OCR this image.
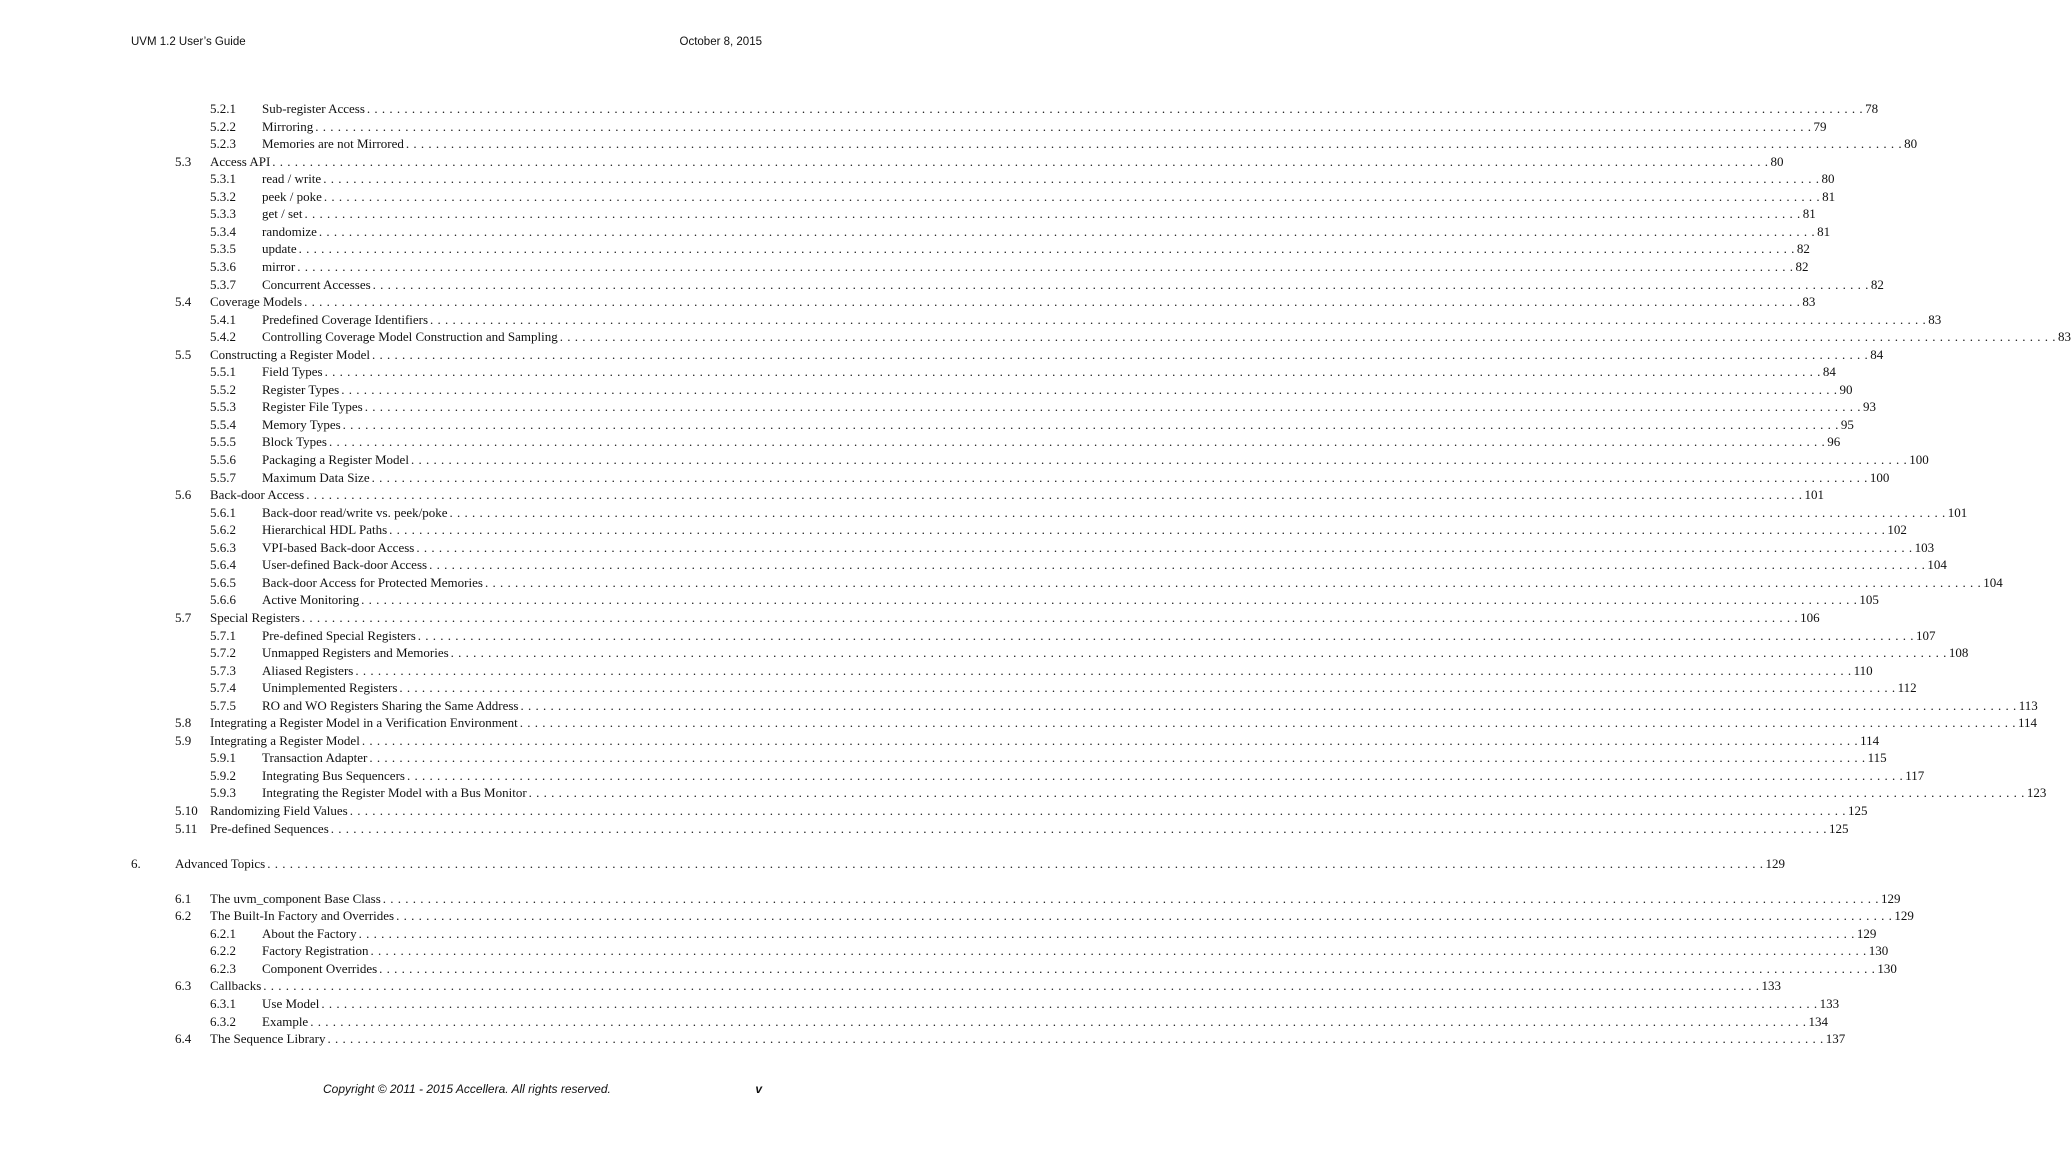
UVM 1.2 User’s Guide	October 8, 2015
5.2.1 Sub-register Access . . . . . . . . . . . . . . . . . . . . . . . . . . . . . . . . . . . . . . . . . . . . . . . . . . . . . . . . . . . . . . . . . . . . . . . . . . . . . . . . . . . . . . . . . . . . . . . . . . . . . . . . . . . . . . . . . . . . . . . . . . . . . . . . . . . . . . . . . . . . . . . . . . . . . . . . . . . . . . . . . . . . . . . . . . . . . . . . . . . . . . . . . . . . . . . . . . . . . . . . 78
5.2.2 Mirroring . . . . . . . . . . . . . . . . . . . . . . . . . . . . . . . . . . . . . . . . . . . . . . . . . . . . . . . . . . . . . . . . . . . . . . . . . . . . . . . . . . . . . . . . . . . . . . . . . . . . . . . . . . . . . . . . . . . . . . . . . . . . . . . . . . . . . . . . . . . . . . . . . . . . . . . . . . . . . . . . . . . . . . . . . . . . . . . . . . . . . . . . . . . . . . . . . . . . . . . . 79
5.2.3 Memories are not Mirrored . . . . . . . . . . . . . . . . . . . . . . . . . . . . . . . . . . . . . . . . . . . . . . . . . . . . . . . . . . . . . . . . . . . . . . . . . . . . . . . . . . . . . . . . . . . . . . . . . . . . . . . . . . . . . . . . . . . . . . . . . . . . . . . . . . . . . . . . . . . . . . . . . . . . . . . . . . . . . . . . . . . . . . . . . . . . . . . . . . . . . . . . . . . . . . . . . . . . . . . . 80
5.3 Access API . . . . . . . . . . . . . . . . . . . . . . . . . . . . . . . . . . . . . . . . . . . . . . . . . . . . . . . . . . . . . . . . . . . . . . . . . . . . . . . . . . . . . . . . . . . . . . . . . . . . . . . . . . . . . . . . . . . . . . . . . . . . . . . . . . . . . . . . . . . . . . . . . . . . . . . . . . . . . . . . . . . . . . . . . . . . . . . . . . . . . . . . . . . . . . . . . . . . . . . . 80
5.3.1 read / write . . . . . . . . . . . . . . . . . . . . . . . . . . . . . . . . . . . . . . . . . . . . . . . . . . . . . . . . . . . . . . . . . . . . . . . . . . . . . . . . . . . . . . . . . . . . . . . . . . . . . . . . . . . . . . . . . . . . . . . . . . . . . . . . . . . . . . . . . . . . . . . . . . . . . . . . . . . . . . . . . . . . . . . . . . . . . . . . . . . . . . . . . . . . . . . . . . . . . . . . 80
5.3.2 peek / poke . . . . . . . . . . . . . . . . . . . . . . . . . . . . . . . . . . . . . . . . . . . . . . . . . . . . . . . . . . . . . . . . . . . . . . . . . . . . . . . . . . . . . . . . . . . . . . . . . . . . . . . . . . . . . . . . . . . . . . . . . . . . . . . . . . . . . . . . . . . . . . . . . . . . . . . . . . . . . . . . . . . . . . . . . . . . . . . . . . . . . . . . . . . . . . . . . . . . . . . . 81
5.3.3 get / set . . . . . . . . . . . . . . . . . . . . . . . . . . . . . . . . . . . . . . . . . . . . . . . . . . . . . . . . . . . . . . . . . . . . . . . . . . . . . . . . . . . . . . . . . . . . . . . . . . . . . . . . . . . . . . . . . . . . . . . . . . . . . . . . . . . . . . . . . . . . . . . . . . . . . . . . . . . . . . . . . . . . . . . . . . . . . . . . . . . . . . . . . . . . . . . . . . . . . . . . 81
5.3.4 randomize . . . . . . . . . . . . . . . . . . . . . . . . . . . . . . . . . . . . . . . . . . . . . . . . . . . . . . . . . . . . . . . . . . . . . . . . . . . . . . . . . . . . . . . . . . . . . . . . . . . . . . . . . . . . . . . . . . . . . . . . . . . . . . . . . . . . . . . . . . . . . . . . . . . . . . . . . . . . . . . . . . . . . . . . . . . . . . . . . . . . . . . . . . . . . . . . . . . . . . . . 81
5.3.5 update . . . . . . . . . . . . . . . . . . . . . . . . . . . . . . . . . . . . . . . . . . . . . . . . . . . . . . . . . . . . . . . . . . . . . . . . . . . . . . . . . . . . . . . . . . . . . . . . . . . . . . . . . . . . . . . . . . . . . . . . . . . . . . . . . . . . . . . . . . . . . . . . . . . . . . . . . . . . . . . . . . . . . . . . . . . . . . . . . . . . . . . . . . . . . . . . . . . . . . . . 82
5.3.6 mirror . . . . . . . . . . . . . . . . . . . . . . . . . . . . . . . . . . . . . . . . . . . . . . . . . . . . . . . . . . . . . . . . . . . . . . . . . . . . . . . . . . . . . . . . . . . . . . . . . . . . . . . . . . . . . . . . . . . . . . . . . . . . . . . . . . . . . . . . . . . . . . . . . . . . . . . . . . . . . . . . . . . . . . . . . . . . . . . . . . . . . . . . . . . . . . . . . . . . . . . . 82
5.3.7 Concurrent Accesses . . . . . . . . . . . . . . . . . . . . . . . . . . . . . . . . . . . . . . . . . . . . . . . . . . . . . . . . . . . . . . . . . . . . . . . . . . . . . . . . . . . . . . . . . . . . . . . . . . . . . . . . . . . . . . . . . . . . . . . . . . . . . . . . . . . . . . . . . . . . . . . . . . . . . . . . . . . . . . . . . . . . . . . . . . . . . . . . . . . . . . . . . . . . . . . . . . . . . . . . 82
5.4 Coverage Models . . . . . . . . . . . . . . . . . . . . . . . . . . . . . . . . . . . . . . . . . . . . . . . . . . . . . . . . . . . . . . . . . . . . . . . . . . . . . . . . . . . . . . . . . . . . . . . . . . . . . . . . . . . . . . . . . . . . . . . . . . . . . . . . . . . . . . . . . . . . . . . . . . . . . . . . . . . . . . . . . . . . . . . . . . . . . . . . . . . . . . . . . . . . . . . . . . . . . . . . 83
5.4.1 Predefined Coverage Identifiers . . . . . . . . . . . . . . . . . . . . . . . . . . . . . . . . . . . . . . . . . . . . . . . . . . . . . . . . . . . . . . . . . . . . . . . . . . . . . . . . . . . . . . . . . . . . . . . . . . . . . . . . . . . . . . . . . . . . . . . . . . . . . . . . . . . . . . . . . . . . . . . . . . . . . . . . . . . . . . . . . . . . . . . . . . . . . . . . . . . . . . . . . . . . . . . . . . . . . . . . 83
5.4.2 Controlling Coverage Model Construction and Sampling . . . . . . . . . . . . . . . . . . . . . . . . . . . . . . . . . . . . . . . . . . . . . . . . . . . . . . . . . . . . . . . . . . . . . . . . . . . . . . . . . . . . . . . . . . . . . . . . . . . . . . . . . . . . . . . . . . . . . . . . . . . . . . . . . . . . . . . . . . . . . . . . . . . . . . . . . . . . . . . . . . . . . . . . . . . . . . . . . . . . . . . . . . . . . . . . . . . . . . . . 83
5.5 Constructing a Register Model . . . . . . . . . . . . . . . . . . . . . . . . . . . . . . . . . . . . . . . . . . . . . . . . . . . . . . . . . . . . . . . . . . . . . . . . . . . . . . . . . . . . . . . . . . . . . . . . . . . . . . . . . . . . . . . . . . . . . . . . . . . . . . . . . . . . . . . . . . . . . . . . . . . . . . . . . . . . . . . . . . . . . . . . . . . . . . . . . . . . . . . . . . . . . . . . . . . . . . . . 84
5.5.1 Field Types . . . . . . . . . . . . . . . . . . . . . . . . . . . . . . . . . . . . . . . . . . . . . . . . . . . . . . . . . . . . . . . . . . . . . . . . . . . . . . . . . . . . . . . . . . . . . . . . . . . . . . . . . . . . . . . . . . . . . . . . . . . . . . . . . . . . . . . . . . . . . . . . . . . . . . . . . . . . . . . . . . . . . . . . . . . . . . . . . . . . . . . . . . . . . . . . . . . . . . . . 84
5.5.2 Register Types . . . . . . . . . . . . . . . . . . . . . . . . . . . . . . . . . . . . . . . . . . . . . . . . . . . . . . . . . . . . . . . . . . . . . . . . . . . . . . . . . . . . . . . . . . . . . . . . . . . . . . . . . . . . . . . . . . . . . . . . . . . . . . . . . . . . . . . . . . . . . . . . . . . . . . . . . . . . . . . . . . . . . . . . . . . . . . . . . . . . . . . . . . . . . . . . . . . . . . . . 90
5.5.3 Register File Types . . . . . . . . . . . . . . . . . . . . . . . . . . . . . . . . . . . . . . . . . . . . . . . . . . . . . . . . . . . . . . . . . . . . . . . . . . . . . . . . . . . . . . . . . . . . . . . . . . . . . . . . . . . . . . . . . . . . . . . . . . . . . . . . . . . . . . . . . . . . . . . . . . . . . . . . . . . . . . . . . . . . . . . . . . . . . . . . . . . . . . . . . . . . . . . . . . . . . . . . 93
5.5.4 Memory Types . . . . . . . . . . . . . . . . . . . . . . . . . . . . . . . . . . . . . . . . . . . . . . . . . . . . . . . . . . . . . . . . . . . . . . . . . . . . . . . . . . . . . . . . . . . . . . . . . . . . . . . . . . . . . . . . . . . . . . . . . . . . . . . . . . . . . . . . . . . . . . . . . . . . . . . . . . . . . . . . . . . . . . . . . . . . . . . . . . . . . . . . . . . . . . . . . . . . . . . . 95
5.5.5 Block Types . . . . . . . . . . . . . . . . . . . . . . . . . . . . . . . . . . . . . . . . . . . . . . . . . . . . . . . . . . . . . . . . . . . . . . . . . . . . . . . . . . . . . . . . . . . . . . . . . . . . . . . . . . . . . . . . . . . . . . . . . . . . . . . . . . . . . . . . . . . . . . . . . . . . . . . . . . . . . . . . . . . . . . . . . . . . . . . . . . . . . . . . . . . . . . . . . . . . . . . . 96
5.5.6 Packaging a Register Model . . . . . . . . . . . . . . . . . . . . . . . . . . . . . . . . . . . . . . . . . . . . . . . . . . . . . . . . . . . . . . . . . . . . . . . . . . . . . . . . . . . . . . . . . . . . . . . . . . . . . . . . . . . . . . . . . . . . . . . . . . . . . . . . . . . . . . . . . . . . . . . . . . . . . . . . . . . . . . . . . . . . . . . . . . . . . . . . . . . . . . . . . . . . . . . . . . . . . . . . 100
5.5.7 Maximum Data Size . . . . . . . . . . . . . . . . . . . . . . . . . . . . . . . . . . . . . . . . . . . . . . . . . . . . . . . . . . . . . . . . . . . . . . . . . . . . . . . . . . . . . . . . . . . . . . . . . . . . . . . . . . . . . . . . . . . . . . . . . . . . . . . . . . . . . . . . . . . . . . . . . . . . . . . . . . . . . . . . . . . . . . . . . . . . . . . . . . . . . . . . . . . . . . . . . . . . . . . . 100
5.6 Back-door Access . . . . . . . . . . . . . . . . . . . . . . . . . . . . . . . . . . . . . . . . . . . . . . . . . . . . . . . . . . . . . . . . . . . . . . . . . . . . . . . . . . . . . . . . . . . . . . . . . . . . . . . . . . . . . . . . . . . . . . . . . . . . . . . . . . . . . . . . . . . . . . . . . . . . . . . . . . . . . . . . . . . . . . . . . . . . . . . . . . . . . . . . . . . . . . . . . . . . . . . . 101
5.6.1 Back-door read/write vs. peek/poke . . . . . . . . . . . . . . . . . . . . . . . . . . . . . . . . . . . . . . . . . . . . . . . . . . . . . . . . . . . . . . . . . . . . . . . . . . . . . . . . . . . . . . . . . . . . . . . . . . . . . . . . . . . . . . . . . . . . . . . . . . . . . . . . . . . . . . . . . . . . . . . . . . . . . . . . . . . . . . . . . . . . . . . . . . . . . . . . . . . . . . . . . . . . . . . . . . . . . . . . 101
5.6.2 Hierarchical HDL Paths . . . . . . . . . . . . . . . . . . . . . . . . . . . . . . . . . . . . . . . . . . . . . . . . . . . . . . . . . . . . . . . . . . . . . . . . . . . . . . . . . . . . . . . . . . . . . . . . . . . . . . . . . . . . . . . . . . . . . . . . . . . . . . . . . . . . . . . . . . . . . . . . . . . . . . . . . . . . . . . . . . . . . . . . . . . . . . . . . . . . . . . . . . . . . . . . . . . . . . . . 102
5.6.3 VPI-based Back-door Access . . . . . . . . . . . . . . . . . . . . . . . . . . . . . . . . . . . . . . . . . . . . . . . . . . . . . . . . . . . . . . . . . . . . . . . . . . . . . . . . . . . . . . . . . . . . . . . . . . . . . . . . . . . . . . . . . . . . . . . . . . . . . . . . . . . . . . . . . . . . . . . . . . . . . . . . . . . . . . . . . . . . . . . . . . . . . . . . . . . . . . . . . . . . . . . . . . . . . . . . 103
5.6.4 User-defined Back-door Access . . . . . . . . . . . . . . . . . . . . . . . . . . . . . . . . . . . . . . . . . . . . . . . . . . . . . . . . . . . . . . . . . . . . . . . . . . . . . . . . . . . . . . . . . . . . . . . . . . . . . . . . . . . . . . . . . . . . . . . . . . . . . . . . . . . . . . . . . . . . . . . . . . . . . . . . . . . . . . . . . . . . . . . . . . . . . . . . . . . . . . . . . . . . . . . . . . . . . . . . 104
5.6.5 Back-door Access for Protected Memories . . . . . . . . . . . . . . . . . . . . . . . . . . . . . . . . . . . . . . . . . . . . . . . . . . . . . . . . . . . . . . . . . . . . . . . . . . . . . . . . . . . . . . . . . . . . . . . . . . . . . . . . . . . . . . . . . . . . . . . . . . . . . . . . . . . . . . . . . . . . . . . . . . . . . . . . . . . . . . . . . . . . . . . . . . . . . . . . . . . . . . . . . . . . . . . . . . . . . . . . 104
5.6.6 Active Monitoring . . . . . . . . . . . . . . . . . . . . . . . . . . . . . . . . . . . . . . . . . . . . . . . . . . . . . . . . . . . . . . . . . . . . . . . . . . . . . . . . . . . . . . . . . . . . . . . . . . . . . . . . . . . . . . . . . . . . . . . . . . . . . . . . . . . . . . . . . . . . . . . . . . . . . . . . . . . . . . . . . . . . . . . . . . . . . . . . . . . . . . . . . . . . . . . . . . . . . . . . 105
5.7 Special Registers . . . . . . . . . . . . . . . . . . . . . . . . . . . . . . . . . . . . . . . . . . . . . . . . . . . . . . . . . . . . . . . . . . . . . . . . . . . . . . . . . . . . . . . . . . . . . . . . . . . . . . . . . . . . . . . . . . . . . . . . . . . . . . . . . . . . . . . . . . . . . . . . . . . . . . . . . . . . . . . . . . . . . . . . . . . . . . . . . . . . . . . . . . . . . . . . . . . . . . . . 106
5.7.1 Pre-defined Special Registers . . . . . . . . . . . . . . . . . . . . . . . . . . . . . . . . . . . . . . . . . . . . . . . . . . . . . . . . . . . . . . . . . . . . . . . . . . . . . . . . . . . . . . . . . . . . . . . . . . . . . . . . . . . . . . . . . . . . . . . . . . . . . . . . . . . . . . . . . . . . . . . . . . . . . . . . . . . . . . . . . . . . . . . . . . . . . . . . . . . . . . . . . . . . . . . . . . . . . . . . 107
5.7.2 Unmapped Registers and Memories . . . . . . . . . . . . . . . . . . . . . . . . . . . . . . . . . . . . . . . . . . . . . . . . . . . . . . . . . . . . . . . . . . . . . . . . . . . . . . . . . . . . . . . . . . . . . . . . . . . . . . . . . . . . . . . . . . . . . . . . . . . . . . . . . . . . . . . . . . . . . . . . . . . . . . . . . . . . . . . . . . . . . . . . . . . . . . . . . . . . . . . . . . . . . . . . . . . . . . . . 108
5.7.3 Aliased Registers . . . . . . . . . . . . . . . . . . . . . . . . . . . . . . . . . . . . . . . . . . . . . . . . . . . . . . . . . . . . . . . . . . . . . . . . . . . . . . . . . . . . . . . . . . . . . . . . . . . . . . . . . . . . . . . . . . . . . . . . . . . . . . . . . . . . . . . . . . . . . . . . . . . . . . . . . . . . . . . . . . . . . . . . . . . . . . . . . . . . . . . . . . . . . . . . . . . . . . . . 110
5.7.4 Unimplemented Registers . . . . . . . . . . . . . . . . . . . . . . . . . . . . . . . . . . . . . . . . . . . . . . . . . . . . . . . . . . . . . . . . . . . . . . . . . . . . . . . . . . . . . . . . . . . . . . . . . . . . . . . . . . . . . . . . . . . . . . . . . . . . . . . . . . . . . . . . . . . . . . . . . . . . . . . . . . . . . . . . . . . . . . . . . . . . . . . . . . . . . . . . . . . . . . . . . . . . . . . . 112
5.7.5 RO and WO Registers Sharing the Same Address . . . . . . . . . . . . . . . . . . . . . . . . . . . . . . . . . . . . . . . . . . . . . . . . . . . . . . . . . . . . . . . . . . . . . . . . . . . . . . . . . . . . . . . . . . . . . . . . . . . . . . . . . . . . . . . . . . . . . . . . . . . . . . . . . . . . . . . . . . . . . . . . . . . . . . . . . . . . . . . . . . . . . . . . . . . . . . . . . . . . . . . . . . . . . . . . . . . . . . . . 113
5.8 Integrating a Register Model in a Verification Environment . . . . . . . . . . . . . . . . . . . . . . . . . . . . . . . . . . . . . . . . . . . . . . . . . . . . . . . . . . . . . . . . . . . . . . . . . . . . . . . . . . . . . . . . . . . . . . . . . . . . . . . . . . . . . . . . . . . . . . . . . . . . . . . . . . . . . . . . . . . . . . . . . . . . . . . . . . . . . . . . . . . . . . . . . . . . . . . . . . . . . . . . . . . . . . . . . . . . . . . . 114
5.9 Integrating a Register Model . . . . . . . . . . . . . . . . . . . . . . . . . . . . . . . . . . . . . . . . . . . . . . . . . . . . . . . . . . . . . . . . . . . . . . . . . . . . . . . . . . . . . . . . . . . . . . . . . . . . . . . . . . . . . . . . . . . . . . . . . . . . . . . . . . . . . . . . . . . . . . . . . . . . . . . . . . . . . . . . . . . . . . . . . . . . . . . . . . . . . . . . . . . . . . . . . . . . . . . . 114
5.9.1 Transaction Adapter . . . . . . . . . . . . . . . . . . . . . . . . . . . . . . . . . . . . . . . . . . . . . . . . . . . . . . . . . . . . . . . . . . . . . . . . . . . . . . . . . . . . . . . . . . . . . . . . . . . . . . . . . . . . . . . . . . . . . . . . . . . . . . . . . . . . . . . . . . . . . . . . . . . . . . . . . . . . . . . . . . . . . . . . . . . . . . . . . . . . . . . . . . . . . . . . . . . . . . . . 115
5.9.2 Integrating Bus Sequencers . . . . . . . . . . . . . . . . . . . . . . . . . . . . . . . . . . . . . . . . . . . . . . . . . . . . . . . . . . . . . . . . . . . . . . . . . . . . . . . . . . . . . . . . . . . . . . . . . . . . . . . . . . . . . . . . . . . . . . . . . . . . . . . . . . . . . . . . . . . . . . . . . . . . . . . . . . . . . . . . . . . . . . . . . . . . . . . . . . . . . . . . . . . . . . . . . . . . . . . . 117
5.9.3 Integrating the Register Model with a Bus Monitor . . . . . . . . . . . . . . . . . . . . . . . . . . . . . . . . . . . . . . . . . . . . . . . . . . . . . . . . . . . . . . . . . . . . . . . . . . . . . . . . . . . . . . . . . . . . . . . . . . . . . . . . . . . . . . . . . . . . . . . . . . . . . . . . . . . . . . . . . . . . . . . . . . . . . . . . . . . . . . . . . . . . . . . . . . . . . . . . . . . . . . . . . . . . . . . . . . . . . . . . 123
5.10 Randomizing Field Values . . . . . . . . . . . . . . . . . . . . . . . . . . . . . . . . . . . . . . . . . . . . . . . . . . . . . . . . . . . . . . . . . . . . . . . . . . . . . . . . . . . . . . . . . . . . . . . . . . . . . . . . . . . . . . . . . . . . . . . . . . . . . . . . . . . . . . . . . . . . . . . . . . . . . . . . . . . . . . . . . . . . . . . . . . . . . . . . . . . . . . . . . . . . . . . . . . . . . . . . 125
5.11 Pre-defined Sequences . . . . . . . . . . . . . . . . . . . . . . . . . . . . . . . . . . . . . . . . . . . . . . . . . . . . . . . . . . . . . . . . . . . . . . . . . . . . . . . . . . . . . . . . . . . . . . . . . . . . . . . . . . . . . . . . . . . . . . . . . . . . . . . . . . . . . . . . . . . . . . . . . . . . . . . . . . . . . . . . . . . . . . . . . . . . . . . . . . . . . . . . . . . . . . . . . . . . . . . . 125
6.	Advanced Topics . . . . . . . . . . . . . . . . . . . . . . . . . . . . . . . . . . . . . . . . . . . . . . . . . . . . . . . . . . . . . . . . . . . . . . . . . . . . . . . . . . . . . . . . . . . . . . . . . . . . . . . . . . . . . . . . . . . . . . . . . . . . . . . . . . . . . . . . . . . . . . . . . . . . . . . . . . . . . . . . . . . . . . . . . . . . . . . . . . . . . . . . . . . . . . . . . . . . . . . . 129
6.1 The uvm_component Base Class . . . . . . . . . . . . . . . . . . . . . . . . . . . . . . . . . . . . . . . . . . . . . . . . . . . . . . . . . . . . . . . . . . . . . . . . . . . . . . . . . . . . . . . . . . . . . . . . . . . . . . . . . . . . . . . . . . . . . . . . . . . . . . . . . . . . . . . . . . . . . . . . . . . . . . . . . . . . . . . . . . . . . . . . . . . . . . . . . . . . . . . . . . . . . . . . . . . . . . . . 129
6.2 The Built-In Factory and Overrides . . . . . . . . . . . . . . . . . . . . . . . . . . . . . . . . . . . . . . . . . . . . . . . . . . . . . . . . . . . . . . . . . . . . . . . . . . . . . . . . . . . . . . . . . . . . . . . . . . . . . . . . . . . . . . . . . . . . . . . . . . . . . . . . . . . . . . . . . . . . . . . . . . . . . . . . . . . . . . . . . . . . . . . . . . . . . . . . . . . . . . . . . . . . . . . . . . . . . . . . 129
6.2.1 About the Factory . . . . . . . . . . . . . . . . . . . . . . . . . . . . . . . . . . . . . . . . . . . . . . . . . . . . . . . . . . . . . . . . . . . . . . . . . . . . . . . . . . . . . . . . . . . . . . . . . . . . . . . . . . . . . . . . . . . . . . . . . . . . . . . . . . . . . . . . . . . . . . . . . . . . . . . . . . . . . . . . . . . . . . . . . . . . . . . . . . . . . . . . . . . . . . . . . . . . . . . . 129
6.2.2 Factory Registration . . . . . . . . . . . . . . . . . . . . . . . . . . . . . . . . . . . . . . . . . . . . . . . . . . . . . . . . . . . . . . . . . . . . . . . . . . . . . . . . . . . . . . . . . . . . . . . . . . . . . . . . . . . . . . . . . . . . . . . . . . . . . . . . . . . . . . . . . . . . . . . . . . . . . . . . . . . . . . . . . . . . . . . . . . . . . . . . . . . . . . . . . . . . . . . . . . . . . . . . 130
6.2.3 Component Overrides . . . . . . . . . . . . . . . . . . . . . . . . . . . . . . . . . . . . . . . . . . . . . . . . . . . . . . . . . . . . . . . . . . . . . . . . . . . . . . . . . . . . . . . . . . . . . . . . . . . . . . . . . . . . . . . . . . . . . . . . . . . . . . . . . . . . . . . . . . . . . . . . . . . . . . . . . . . . . . . . . . . . . . . . . . . . . . . . . . . . . . . . . . . . . . . . . . . . . . . . 130
6.3 Callbacks . . . . . . . . . . . . . . . . . . . . . . . . . . . . . . . . . . . . . . . . . . . . . . . . . . . . . . . . . . . . . . . . . . . . . . . . . . . . . . . . . . . . . . . . . . . . . . . . . . . . . . . . . . . . . . . . . . . . . . . . . . . . . . . . . . . . . . . . . . . . . . . . . . . . . . . . . . . . . . . . . . . . . . . . . . . . . . . . . . . . . . . . . . . . . . . . . . . . . . . . 133
6.3.1 Use Model . . . . . . . . . . . . . . . . . . . . . . . . . . . . . . . . . . . . . . . . . . . . . . . . . . . . . . . . . . . . . . . . . . . . . . . . . . . . . . . . . . . . . . . . . . . . . . . . . . . . . . . . . . . . . . . . . . . . . . . . . . . . . . . . . . . . . . . . . . . . . . . . . . . . . . . . . . . . . . . . . . . . . . . . . . . . . . . . . . . . . . . . . . . . . . . . . . . . . . . . 133
6.3.2 Example . . . . . . . . . . . . . . . . . . . . . . . . . . . . . . . . . . . . . . . . . . . . . . . . . . . . . . . . . . . . . . . . . . . . . . . . . . . . . . . . . . . . . . . . . . . . . . . . . . . . . . . . . . . . . . . . . . . . . . . . . . . . . . . . . . . . . . . . . . . . . . . . . . . . . . . . . . . . . . . . . . . . . . . . . . . . . . . . . . . . . . . . . . . . . . . . . . . . . . . . 134
6.4 The Sequence Library . . . . . . . . . . . . . . . . . . . . . . . . . . . . . . . . . . . . . . . . . . . . . . . . . . . . . . . . . . . . . . . . . . . . . . . . . . . . . . . . . . . . . . . . . . . . . . . . . . . . . . . . . . . . . . . . . . . . . . . . . . . . . . . . . . . . . . . . . . . . . . . . . . . . . . . . . . . . . . . . . . . . . . . . . . . . . . . . . . . . . . . . . . . . . . . . . . . . . . . . 137
Copyright © 2011 - 2015 Accellera. All rights reserved.	v
